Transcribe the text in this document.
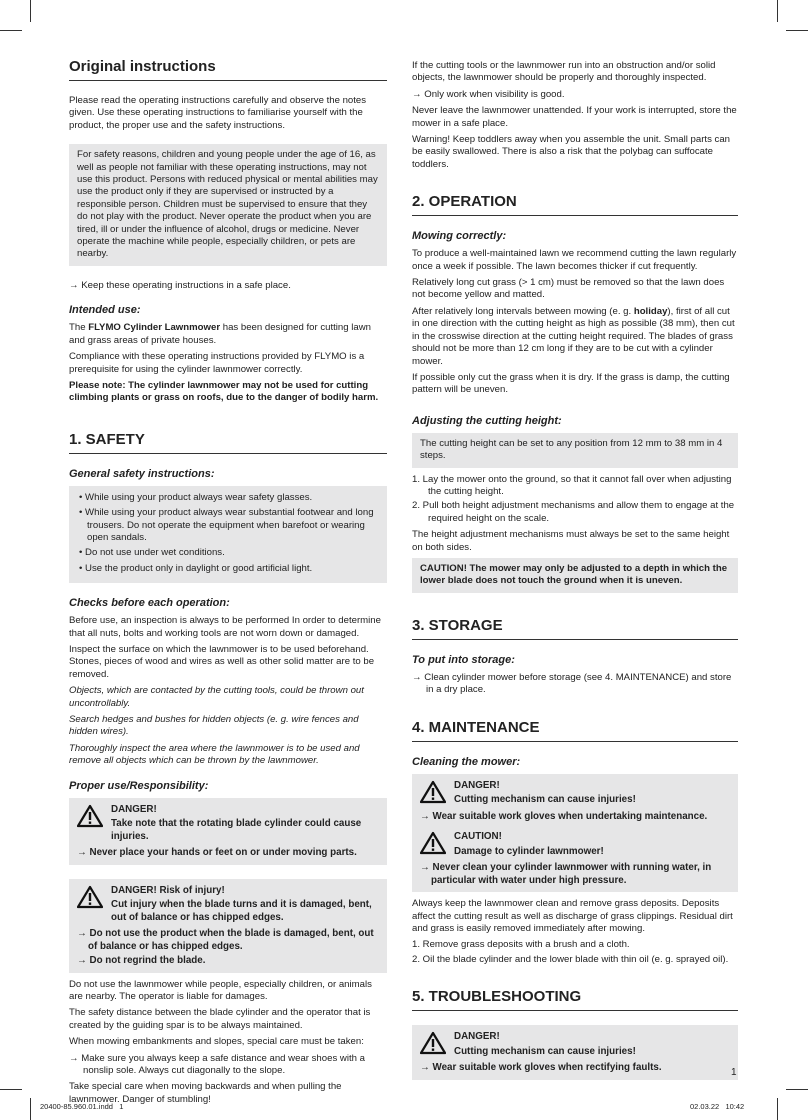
Original instructions

Please read the operating instructions carefully and observe the notes given. Use these operating instructions to familiarise yourself with the product, the proper use and the safety instructions.

For safety reasons, children and young people under the age of 16, as well as people not familiar with these operating instructions, may not use this product. Persons with reduced physical or mental abilities may use the product only if they are supervised or instructed by a responsible person. Children must be supervised to ensure that they do not play with the product. Never operate the product when you are tired, ill or under the influence of alcohol, drugs or medicine. Never operate the machine while people, especially children, or pets are nearby.

→ Keep these operating instructions in a safe place.

Intended use:

The FLYMO Cylinder Lawnmower has been designed for cutting lawn and grass areas of private houses.

Compliance with these operating instructions provided by FLYMO is a prerequisite for using the cylinder lawnmower correctly.

Please note: The cylinder lawnmower may not be used for cutting climbing plants or grass on roofs, due to the danger of bodily harm.

1. SAFETY
General safety instructions:
• While using your product always wear safety glasses.
• While using your product always wear substantial footwear and long trousers. Do not operate the equipment when barefoot or wearing open sandals.
• Do not use under wet conditions.
• Use the product only in daylight or good artificial light.
Checks before each operation:

Before use, an inspection is always to be performed In order to determine that all nuts, bolts and working tools are not worn down or damaged.

Inspect the surface on which the lawnmower is to be used beforehand. Stones, pieces of wood and wires as well as other solid matter are to be removed.

Objects, which are contacted by the cutting tools, could be thrown out uncontrollably.

Search hedges and bushes for hidden objects (e. g. wire fences and hidden wires).

Thoroughly inspect the area where the lawnmower is to be used and remove all objects which can be thrown by the lawnmower.

Proper use/Responsibility:
DANGER!
Take note that the rotating blade cylinder could cause injuries.
→ Never place your hands or feet on or under moving parts.
DANGER! Risk of injury!
Cut injury when the blade turns and it is damaged, bent, out of balance or has chipped edges.
→ Do not use the product when the blade is damaged, bent, out of balance or has chipped edges.
→ Do not regrind the blade.

Do not use the lawnmower while people, especially children, or animals are nearby. The operator is liable for damages.

The safety distance between the blade cylinder and the operator that is created by the guiding spar is to be always maintained.

When mowing embankments and slopes, special care must be taken:

→ Make sure you always keep a safe distance and wear shoes with a nonslip sole. Always cut diagonally to the slope.

Take special care when moving backwards and when pulling the lawnmower. Danger of stumbling!

If the cutting tools or the lawnmower run into an obstruction and/or solid objects, the lawnmower should be properly and thoroughly inspected.

→ Only work when visibility is good.

Never leave the lawnmower unattended. If your work is interrupted, store the mower in a safe place.

Warning! Keep toddlers away when you assemble the unit. Small parts can be easily swallowed. There is also a risk that the polybag can suffocate toddlers.

2. OPERATION
Mowing correctly:

To produce a well-maintained lawn we recommend cutting the lawn regularly once a week if possible. The lawn becomes thicker if cut frequently.

Relatively long cut grass (> 1 cm) must be removed so that the lawn does not become yellow and matted.

After relatively long intervals between mowing (e. g. holiday), first of all cut in one direction with the cutting height as high as possible (38 mm), then cut in the crosswise direction at the cutting height required. The blades of grass should not be more than 12 cm long if they are to be cut with a cylinder mower.

If possible only cut the grass when it is dry. If the grass is damp, the cutting pattern will be uneven.

Adjusting the cutting height:
The cutting height can be set to any position from 12 mm to 38 mm in 4 steps.
1. Lay the mower onto the ground, so that it cannot fall over when adjusting the cutting height.
2. Pull both height adjustment mechanisms and allow them to engage at the required height on the scale.

The height adjustment mechanisms must always be set to the same height on both sides.

CAUTION! The mower may only be adjusted to a depth in which the lower blade does not touch the ground when it is uneven.
3. STORAGE
To put into storage:

→ Clean cylinder mower before storage (see 4. MAINTENANCE) and store in a dry place.

4. MAINTENANCE
Cleaning the mower:
DANGER!
Cutting mechanism can cause injuries!
→ Wear suitable work gloves when undertaking maintenance.
CAUTION!
Damage to cylinder lawnmower!
→ Never clean your cylinder lawnmower with running water, in particular with water under high pressure.

Always keep the lawnmower clean and remove grass deposits. Deposits affect the cutting result as well as discharge of grass clippings. Residual dirt and grass is easily removed immediately after mowing.

1. Remove grass deposits with a brush and a cloth.
2. Oil the blade cylinder and the lower blade with thin oil (e. g. sprayed oil).
5. TROUBLESHOOTING
DANGER!
Cutting mechanism can cause injuries!
→ Wear suitable work gloves when rectifying faults.	1
20400-85.960.01.indd   1	02.03.22   10:42
